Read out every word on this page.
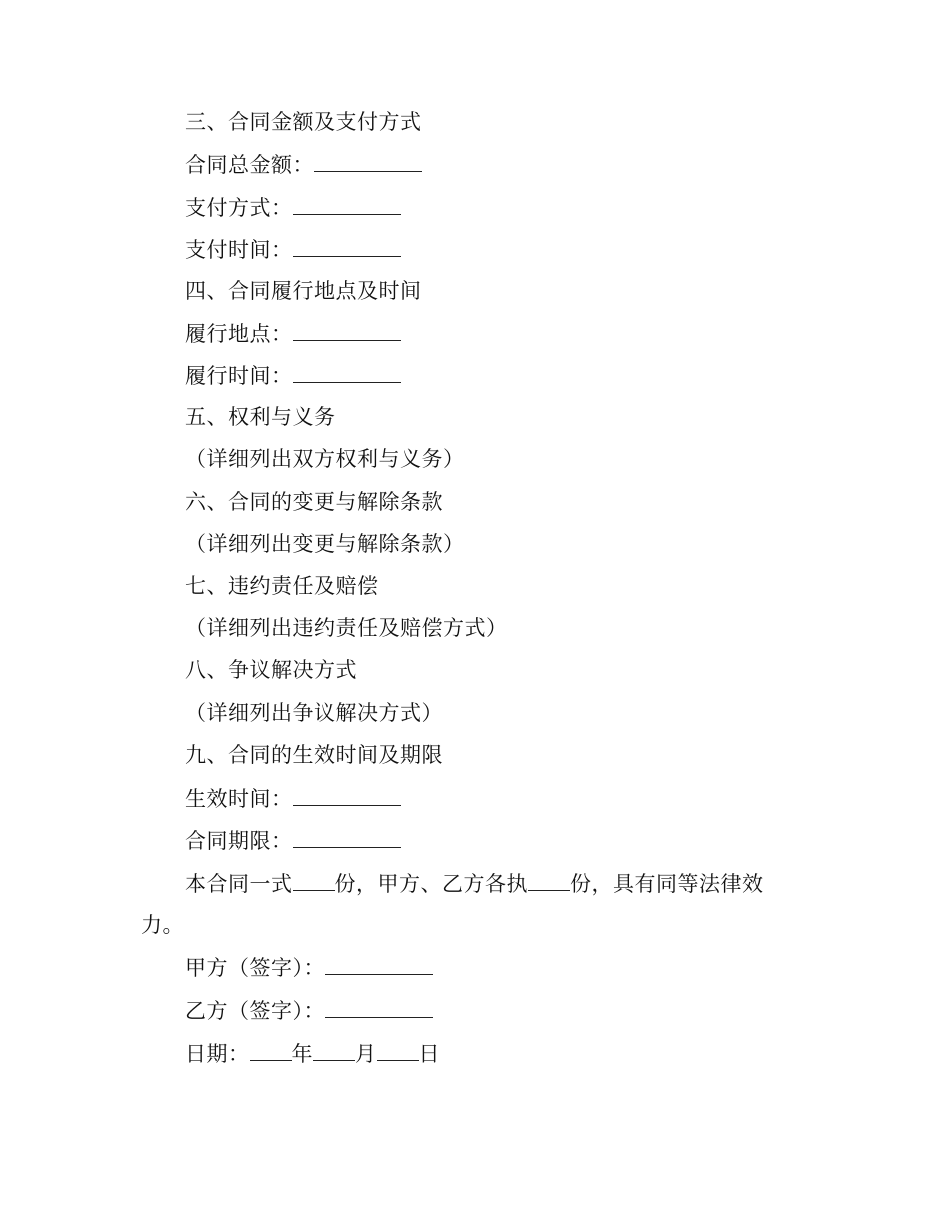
三、合同金额及支付方式
合同总金额：
支付方式：
支付时间：
四、合同履行地点及时间
履行地点：
履行时间：
五、权利与义务
（详细列出双方权利与义务）
六、合同的变更与解除条款
（详细列出变更与解除条款）
七、违约责任及赔偿
（详细列出违约责任及赔偿方式）
八、争议解决方式
（详细列出争议解决方式）
九、合同的生效时间及期限
生效时间：
合同期限：
本合同一式 份，甲方、乙方各执 份，具有同等法律效
力。
甲方（签字）：
乙方（签字）：
日期： 年 月 日
